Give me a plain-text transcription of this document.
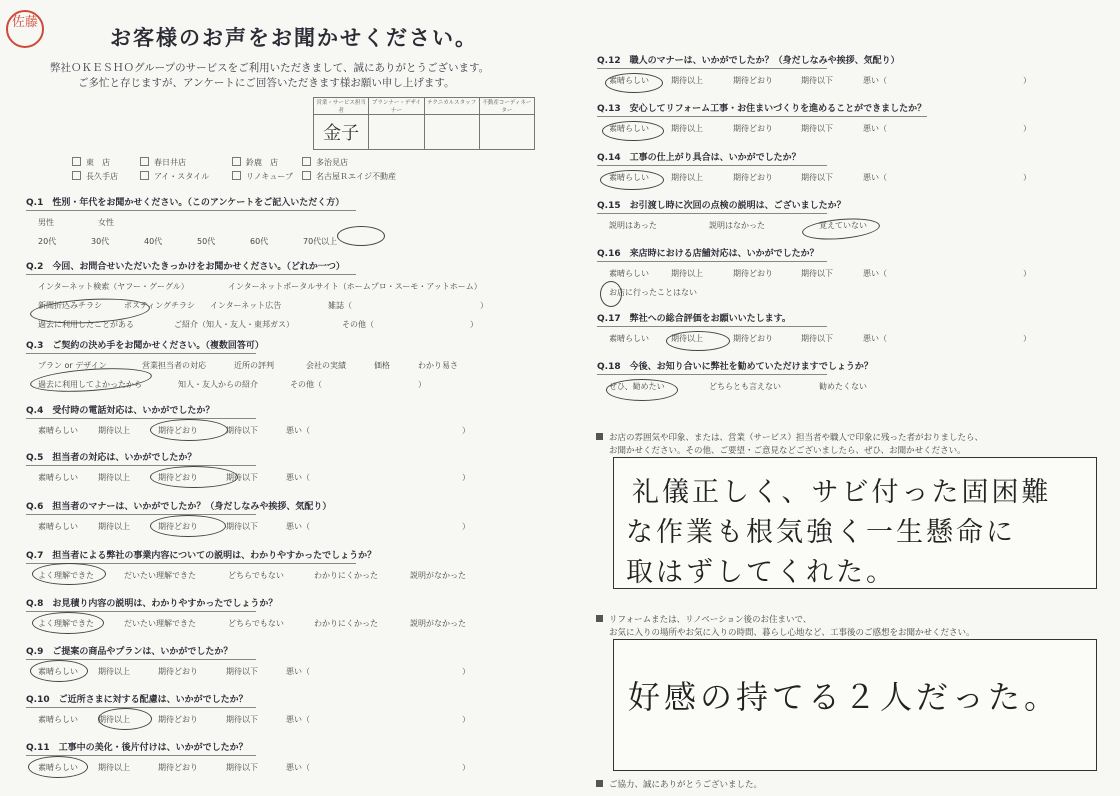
佐藤
お客様のお声をお聞かせください。
弊社ＯＫＥＳＨＯグループのサービスをご利用いただきまして、誠にありがとうございます。
ご多忙と存じますが、アンケートにご回答いただきます様お願い申し上げます。
営業・サービス担当者	プランナー・デザイナー	テクニカルスタッフ	不動産コーディネーター

金子			

東　店	春日井店	鈴鹿　店	多治見店
長久手店	アイ・スタイル	リノキューブ	名古屋Ｒエイジ不動産
Q.1　性別・年代をお聞かせください。（このアンケートをご記入いただく方）
男性	女性
20代	30代	40代	50代	60代	70代以上
Q.2　今回、お問合せいただいたきっかけをお聞かせください。（どれか一つ）
インターネット検索（ヤフー・グーグル）	インターネットポータルサイト（ホームプロ・スーモ・アットホーム）
新聞折込みチラシ	ポスティングチラシ インターネット広告	雑誌（　　　　　　　　　　　　　　　　）
過去に利用したことがある	ご紹介（知人・友人・東邦ガス）	その他（　　　　　　　　　　　　）
Q.3　ご契約の決め手をお聞かせください。（複数回答可）
プラン or デザイン	営業担当者の対応	近所の評判	会社の実績	価格	わかり易さ
過去に利用してよかったから	知人・友人からの紹介	その他（　　　　　　　　　　　　）
Q.4　受付時の電話対応は、いかがでしたか？
素晴らしい	期待以上	期待どおり	期待以下	悪い（　　　　　　　　　　　　　　　　　　　）
Q.5　担当者の対応は、いかがでしたか？
素晴らしい	期待以上	期待どおり	期待以下	悪い（　　　　　　　　　　　　　　　　　　　）
Q.6　担当者のマナーは、いかがでしたか？（身だしなみや挨拶、気配り）
素晴らしい	期待以上	期待どおり	期待以下	悪い（　　　　　　　　　　　　　　　　　　　）
Q.7　担当者による弊社の事業内容についての説明は、わかりやすかったでしょうか？
よく理解できた	だいたい理解できた	どちらでもない	わかりにくかった	説明がなかった
Q.8　お見積り内容の説明は、わかりやすかったでしょうか？
よく理解できた	だいたい理解できた	どちらでもない	わかりにくかった	説明がなかった
Q.9　ご提案の商品やプランは、いかがでしたか？
素晴らしい	期待以上	期待どおり	期待以下	悪い（　　　　　　　　　　　　　　　　　　　）
Q.10　ご近所さまに対する配慮は、いかがでしたか？
素晴らしい	期待以上	期待どおり	期待以下	悪い（　　　　　　　　　　　　　　　　　　　）
Q.11　工事中の美化・後片付けは、いかがでしたか？
素晴らしい	期待以上	期待どおり	期待以下	悪い（　　　　　　　　　　　　　　　　　　　）
Q.12　職人のマナーは、いかがでしたか？（身だしなみや挨拶、気配り）
素晴らしい	期待以上	期待どおり	期待以下	悪い（　　　　　　　　　　　　　　　　　）
Q.13　安心してリフォーム工事・お住まいづくりを進めることができましたか？
素晴らしい	期待以上	期待どおり	期待以下	悪い（　　　　　　　　　　　　　　　　　）
Q.14　工事の仕上がり具合は、いかがでしたか？
素晴らしい	期待以上	期待どおり	期待以下	悪い（　　　　　　　　　　　　　　　　　）
Q.15　お引渡し時に次回の点検の説明は、ございましたか？
説明はあった	説明はなかった	覚えていない
Q.16　来店時における店舗対応は、いかがでしたか？
素晴らしい	期待以上	期待どおり	期待以下	悪い（　　　　　　　　　　　　　　　　　）
お店に行ったことはない
Q.17　弊社への総合評価をお願いいたします。
素晴らしい	期待以上	期待どおり	期待以下	悪い（　　　　　　　　　　　　　　　　　）
Q.18　今後、お知り合いに弊社を勧めていただけますでしょうか？
ぜひ、勧めたい	どちらとも言えない	勧めたくない
お店の雰囲気や印象、または、営業（サービス）担当者や職人で印象に残った者がおりましたら、
お聞かせください。その他、ご要望・ご意見などございましたら、ぜひ、お聞かせください。
礼儀正しく、サビ付った固困難
な作業も根気強く一生懸命に
取はずしてくれた。
リフォームまたは、リノベーション後のお住まいで、
お気に入りの場所やお気に入りの時間、暮らし心地など、工事後のご感想をお聞かせください。
好感の持てる２人だった。
ご協力、誠にありがとうございました。
